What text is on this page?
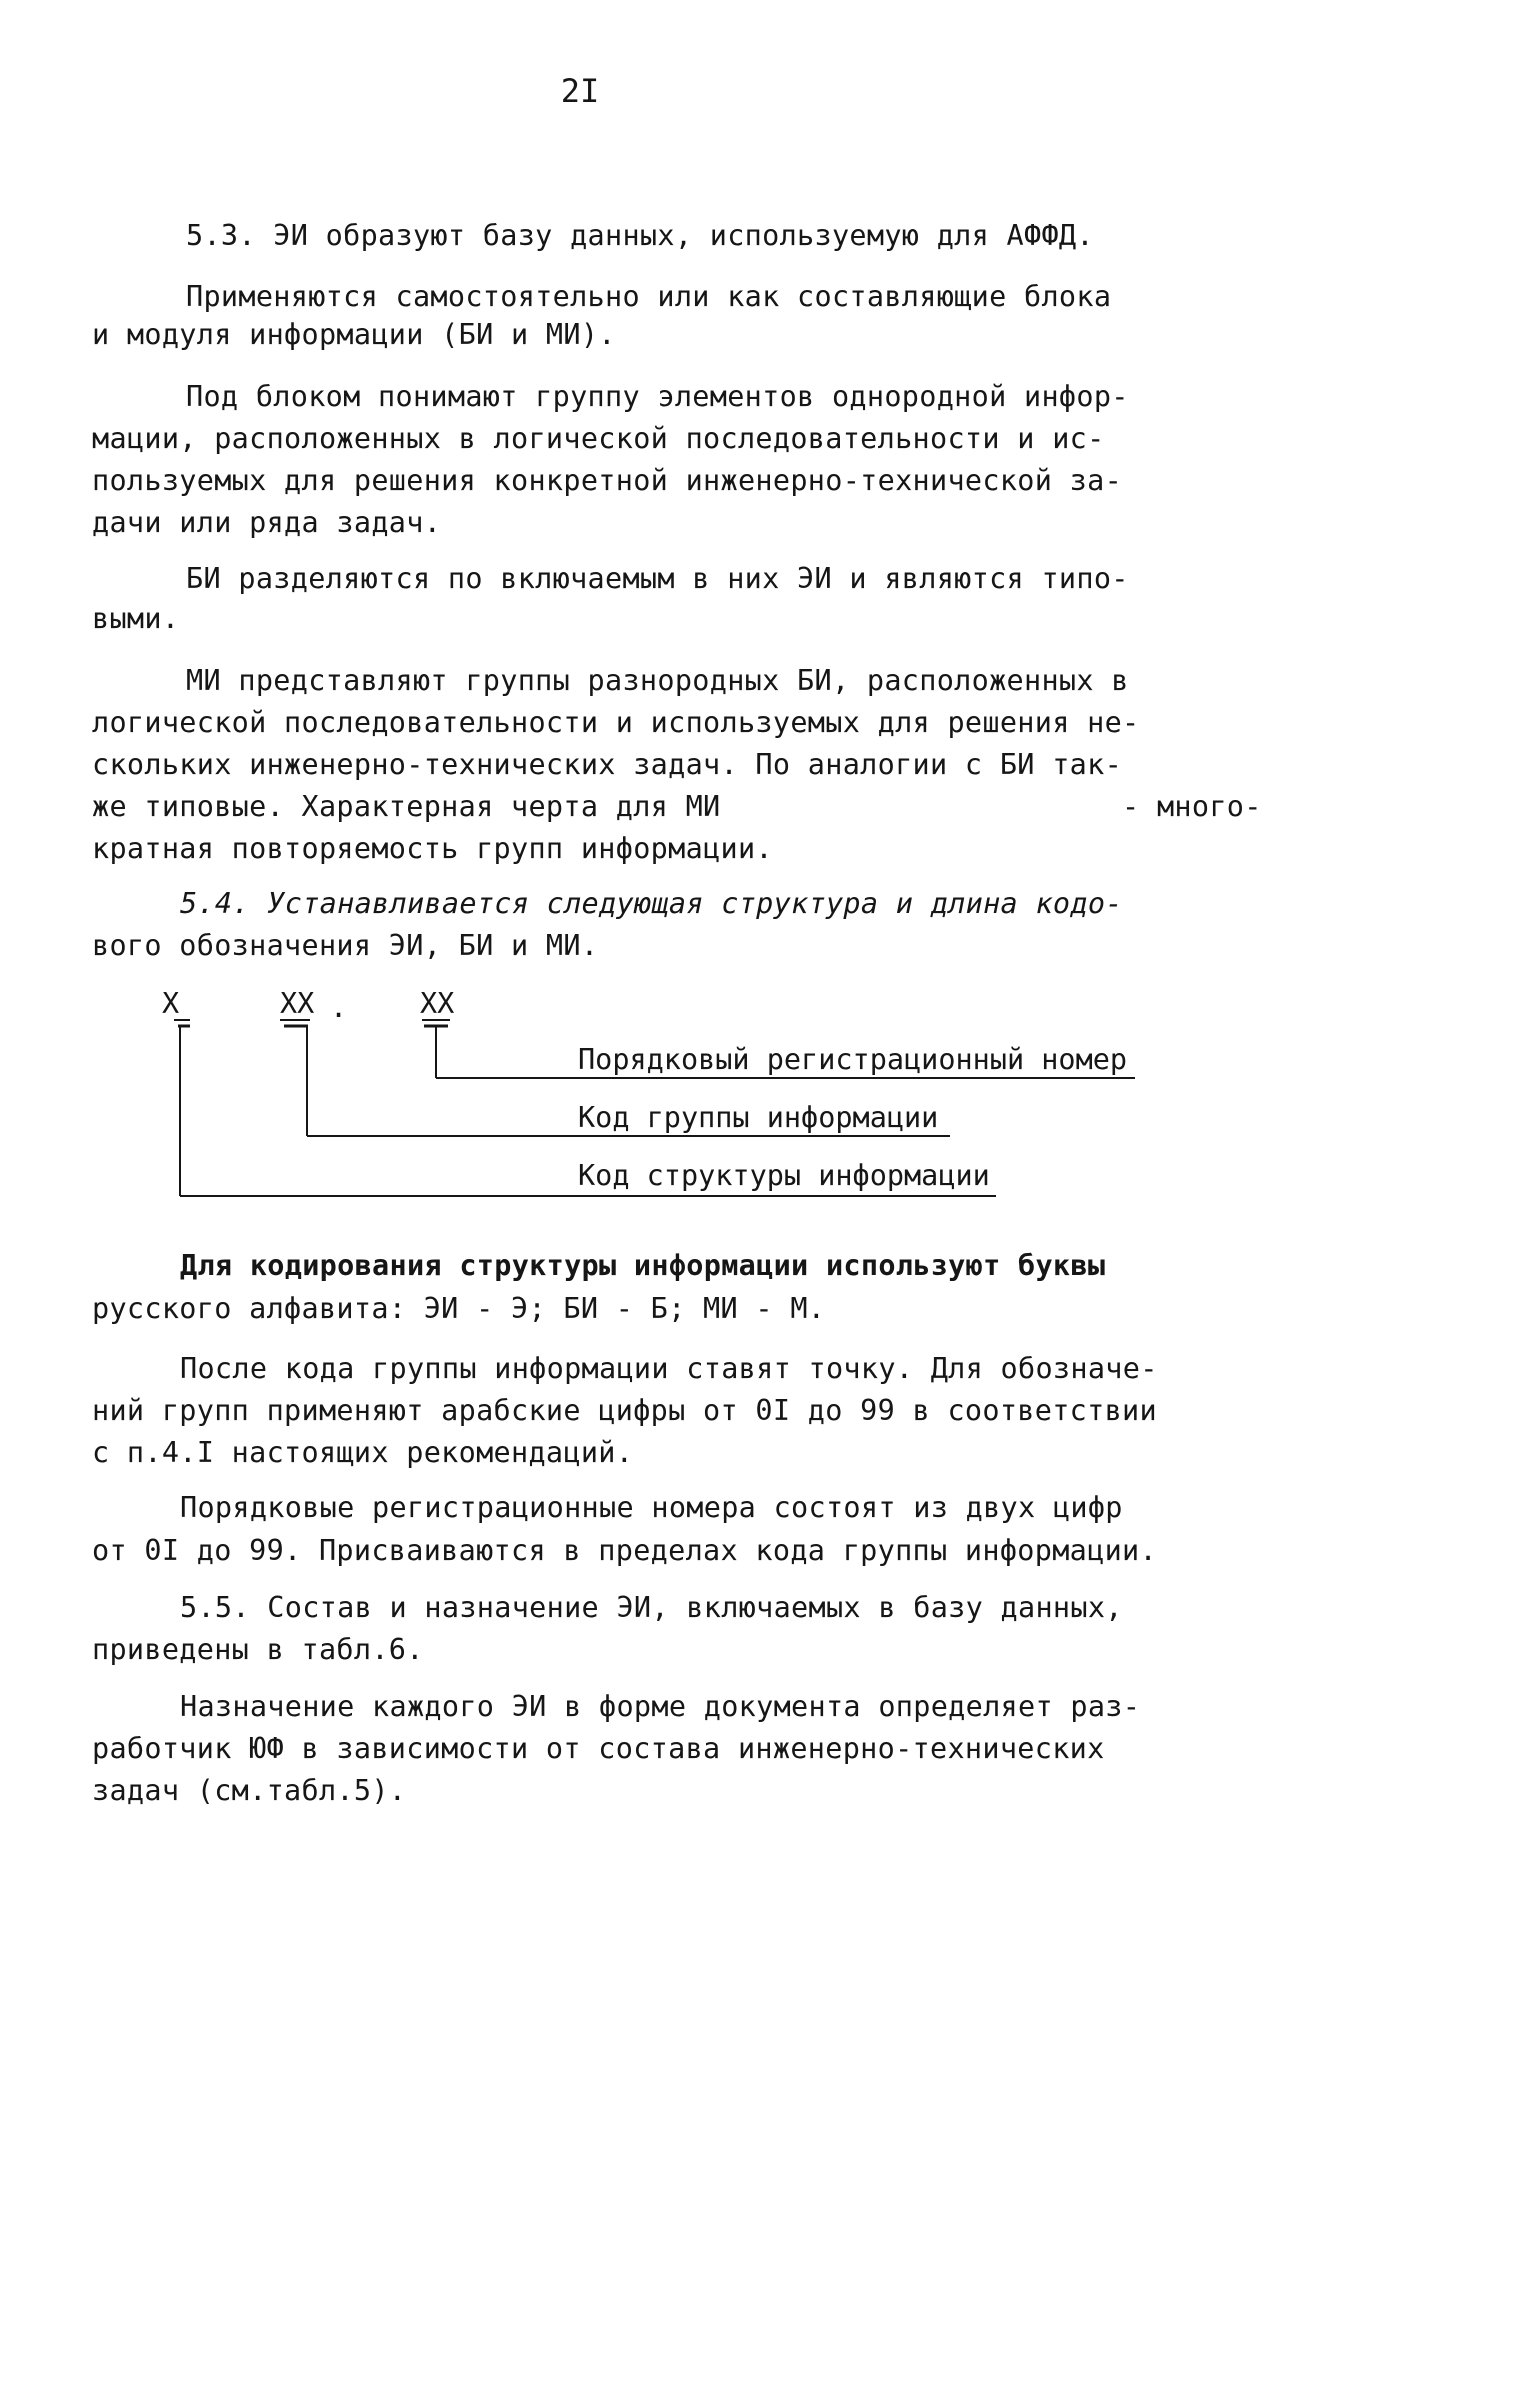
2I
5.3. ЭИ образуют базу данных, используемую для АФФД.
Применяются самостоятельно или как составляющие блока
и модуля информации (БИ и МИ).
Под блоком понимают группу элементов однородной инфор-
мации, расположенных в логической последовательности и ис-
пользуемых для решения конкретной инженерно-технической за-
дачи или ряда задач.
БИ разделяются по включаемым в них ЭИ и являются типо-
выми.
МИ представляют группы разнородных БИ, расположенных в
логической последовательности и используемых для решения не-
скольких инженерно-технических задач. По аналогии с БИ так-
же типовые. Характерная черта для МИ                       - много-
кратная повторяемость групп информации.
5.4. Устанавливается следующая структура и длина кодо-
вого обозначения ЭИ, БИ и МИ.
Х	ХХ .	ХХ
Порядковый регистрационный номер
Код группы информации
Код структуры информации
Для кодирования структуры информации используют буквы
русского алфавита: ЭИ - Э; БИ - Б; МИ - М.
После кода группы информации ставят точку. Для обозначе-
ний групп применяют арабские цифры от 0I до 99 в соответствии
с п.4.I настоящих рекомендаций.
Порядковые регистрационные номера состоят из двух цифр
от 0I до 99. Присваиваются в пределах кода группы информации.
5.5. Состав и назначение ЭИ, включаемых в базу данных,
приведены в табл.6.
Назначение каждого ЭИ в форме документа определяет раз-
работчик ЮФ в зависимости от состава инженерно-технических
задач (см.табл.5).
